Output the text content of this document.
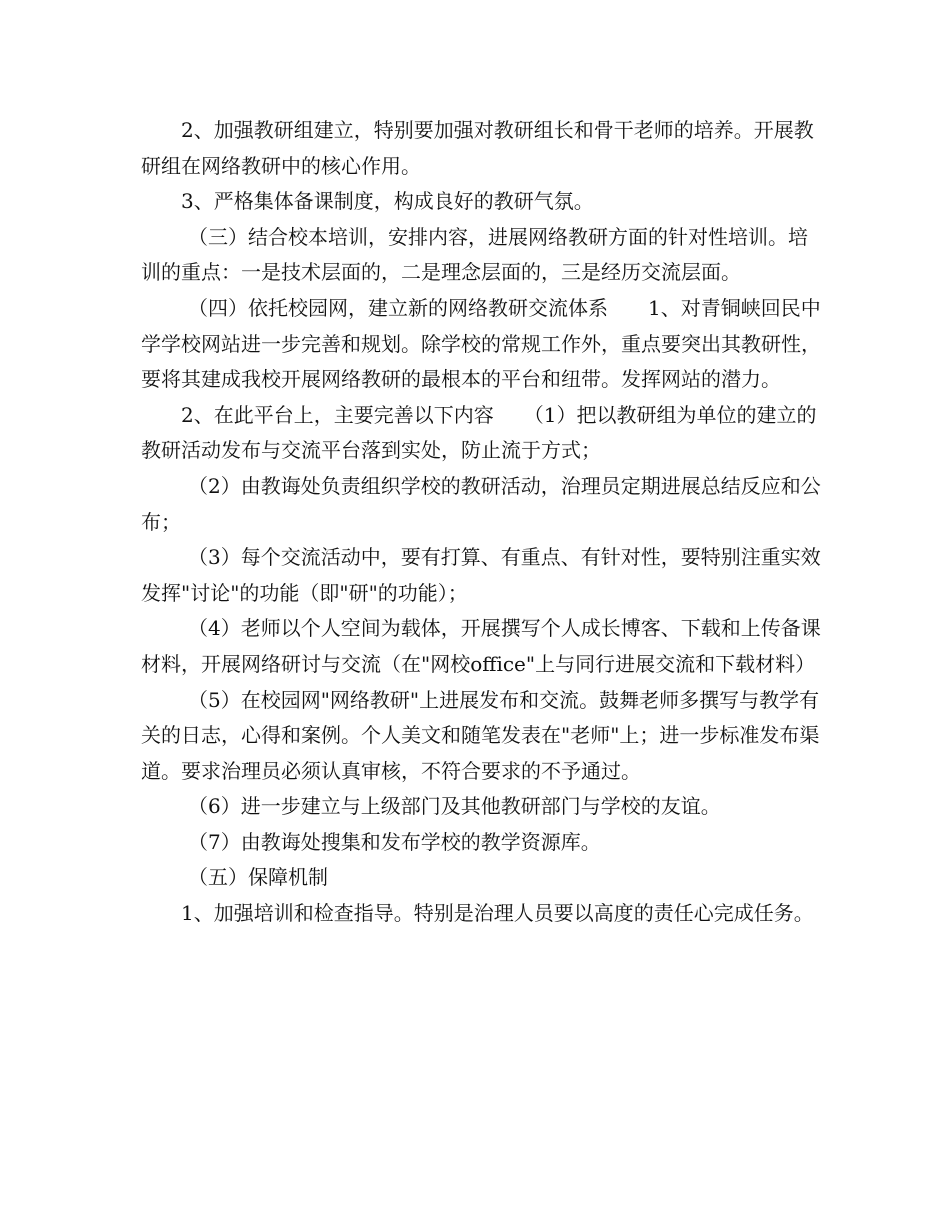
2、加强教研组建立，特别要加强对教研组长和骨干老师的培养。开展教研组在网络教研中的核心作用。

3、严格集体备课制度，构成良好的教研气氛。

（三）结合校本培训，安排内容，进展网络教研方面的针对性培训。培训的重点：一是技术层面的，二是理念层面的，三是经历交流层面。

（四）依托校园网，建立新的网络教研交流体系　　1、对青铜峡回民中学学校网站进一步完善和规划。除学校的常规工作外，重点要突出其教研性，要将其建成我校开展网络教研的最根本的平台和纽带。发挥网站的潜力。

2、在此平台上，主要完善以下内容　　（1）把以教研组为单位的建立的教研活动发布与交流平台落到实处，防止流于方式；

（2）由教诲处负责组织学校的教研活动，治理员定期进展总结反应和公布；

（3）每个交流活动中，要有打算、有重点、有针对性，要特别注重实效发挥"讨论"的功能（即"研"的功能）；

（4）老师以个人空间为载体，开展撰写个人成长博客、下载和上传备课材料，开展网络研讨与交流（在"网校office"上与同行进展交流和下载材料）

（5）在校园网"网络教研"上进展发布和交流。鼓舞老师多撰写与教学有关的日志，心得和案例。个人美文和随笔发表在"老师"上；进一步标准发布渠道。要求治理员必须认真审核，不符合要求的不予通过。

（6）进一步建立与上级部门及其他教研部门与学校的友谊。

（7）由教诲处搜集和发布学校的教学资源库。

（五）保障机制

1、加强培训和检查指导。特别是治理人员要以高度的责任心完成任务。
